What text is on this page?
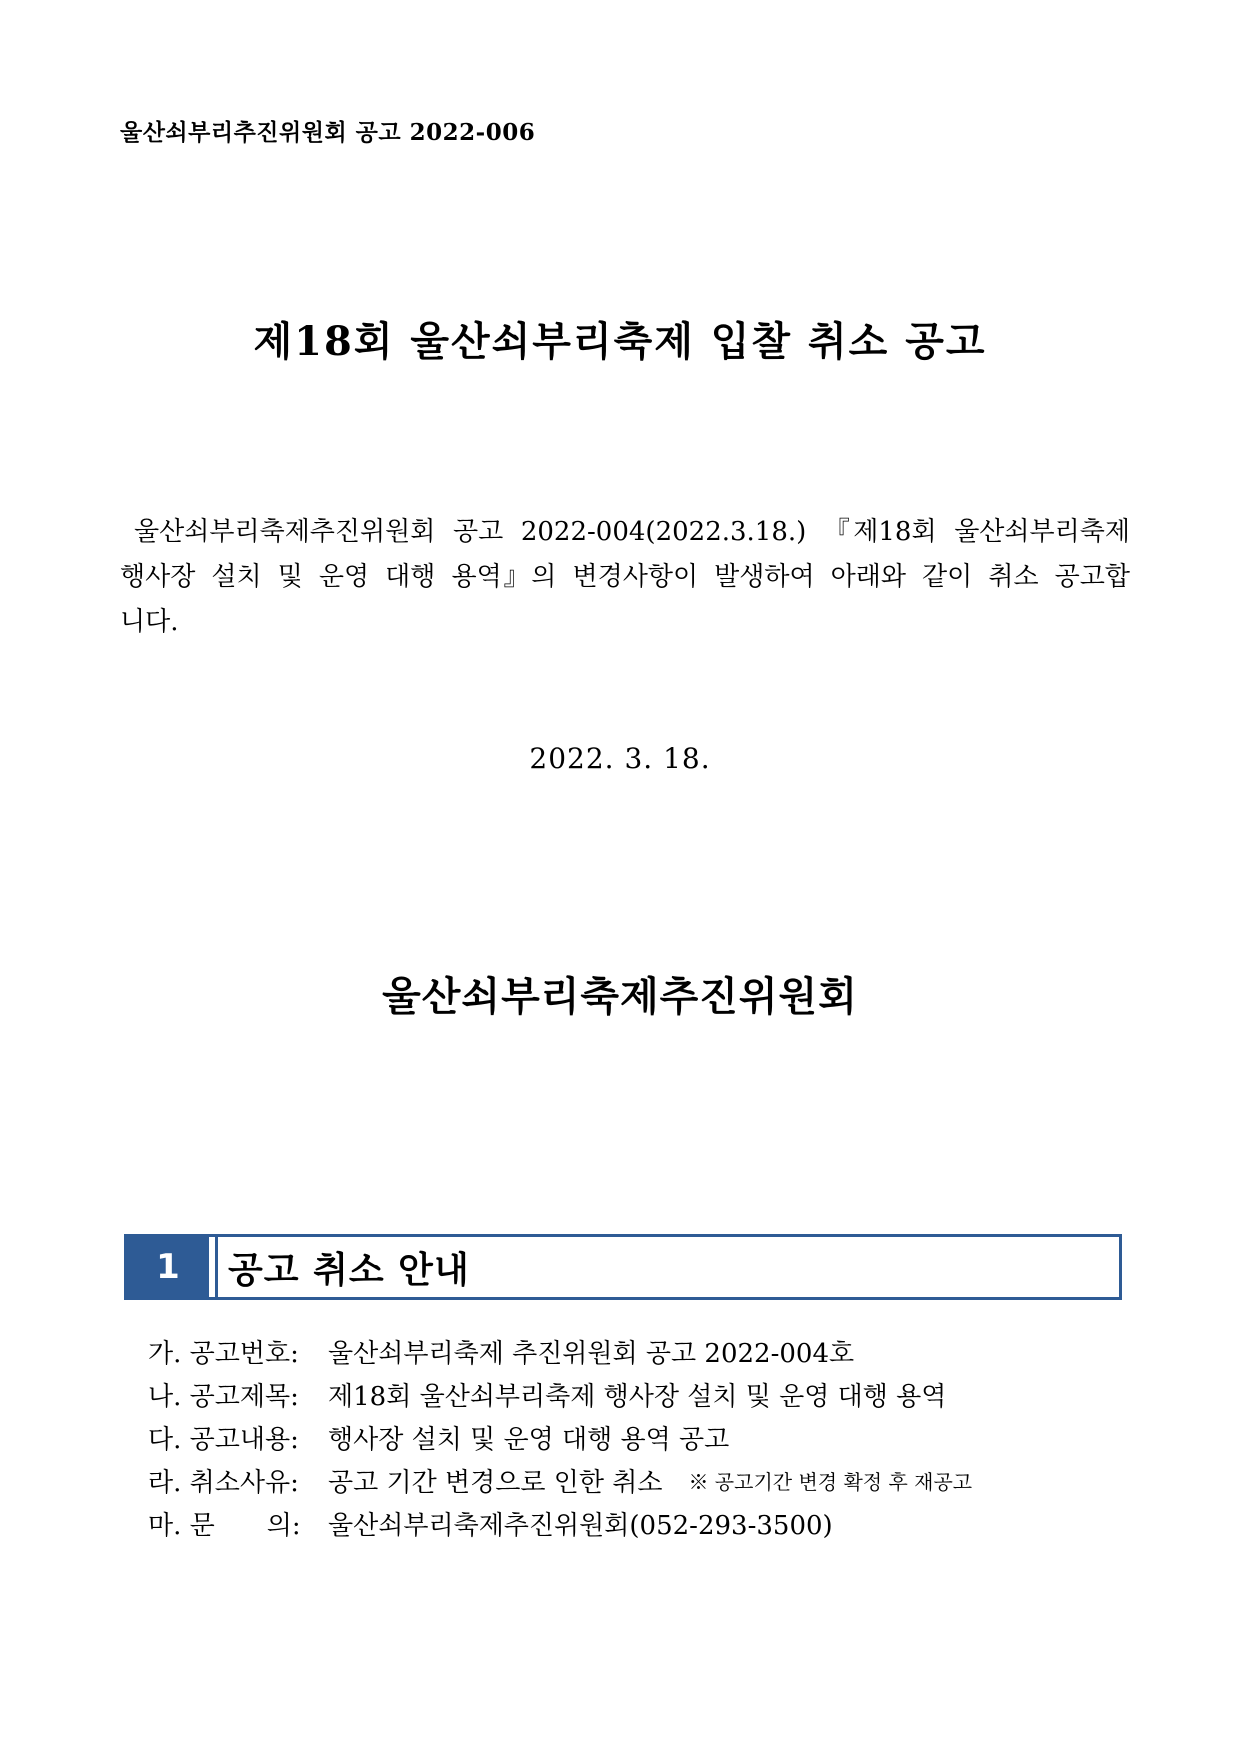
울산쇠부리추진위원회 공고 2022-006
제18회 울산쇠부리축제 입찰 취소 공고
울산쇠부리축제추진위원회 공고 2022-004(2022.3.18.) 『제18회 울산쇠부리축제 행사장 설치 및 운영 대행 용역』의 변경사항이 발생하여 아래와 같이 취소 공고합니다.
2022. 3. 18.
울산쇠부리축제추진위원회
1	공고 취소 안내
가. 공고번호:	울산쇠부리축제 추진위원회 공고 2022-004호
나. 공고제목:	제18회 울산쇠부리축제 행사장 설치 및 운영 대행 용역
다. 공고내용:	행사장 설치 및 운영 대행 용역 공고
라. 취소사유:	공고 기간 변경으로 인한 취소 ※ 공고기간 변경 확정 후 재공고
마. 문　　의:	울산쇠부리축제추진위원회(052-293-3500)
